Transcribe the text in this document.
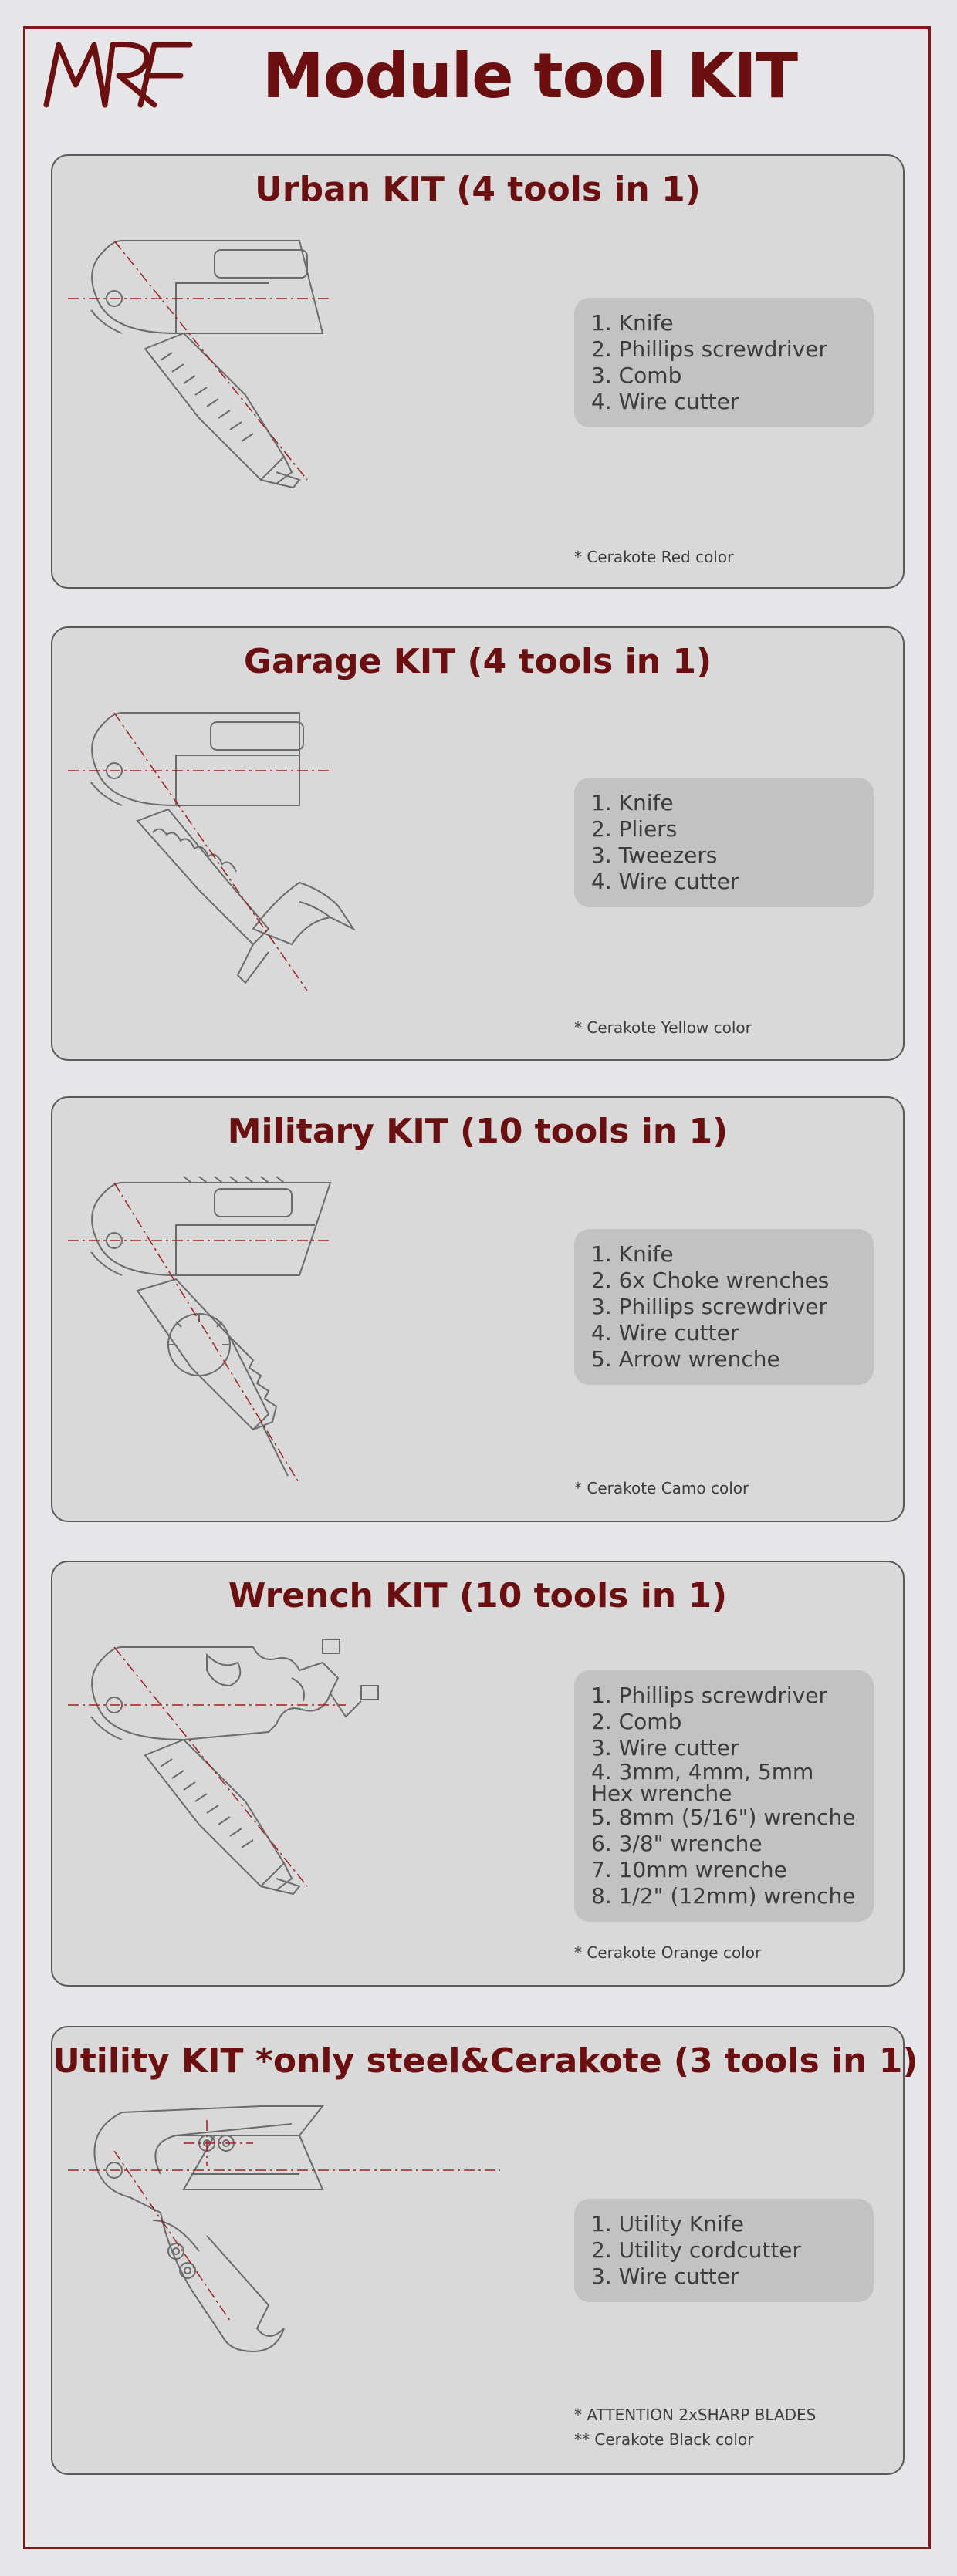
Module tool KIT
Urban KIT (4 tools in 1)
1. Knife
2. Phillips screwdriver
3. Comb
4. Wire cutter
* Cerakote Red color
Garage KIT (4 tools in 1)
1. Knife
2. Pliers
3. Tweezers
4. Wire cutter
* Cerakote Yellow color
Military KIT (10 tools in 1)
1. Knife
2. 6x Choke wrenches
3. Phillips screwdriver
4. Wire cutter
5. Arrow wrenche
* Cerakote Camo color
Wrench KIT (10 tools in 1)
1. Phillips screwdriver
2. Comb
3. Wire cutter
4. 3mm, 4mm, 5mm
Hex wrenche
5. 8mm (5/16") wrenche
6. 3/8" wrenche
7. 10mm wrenche
8. 1/2" (12mm) wrenche
* Cerakote Orange color
Utility KIT *only steel&Cerakote (3 tools in 1)
1. Utility Knife
2. Utility cordcutter
3. Wire cutter
* ATTENTION 2xSHARP BLADES
** Cerakote Black color
